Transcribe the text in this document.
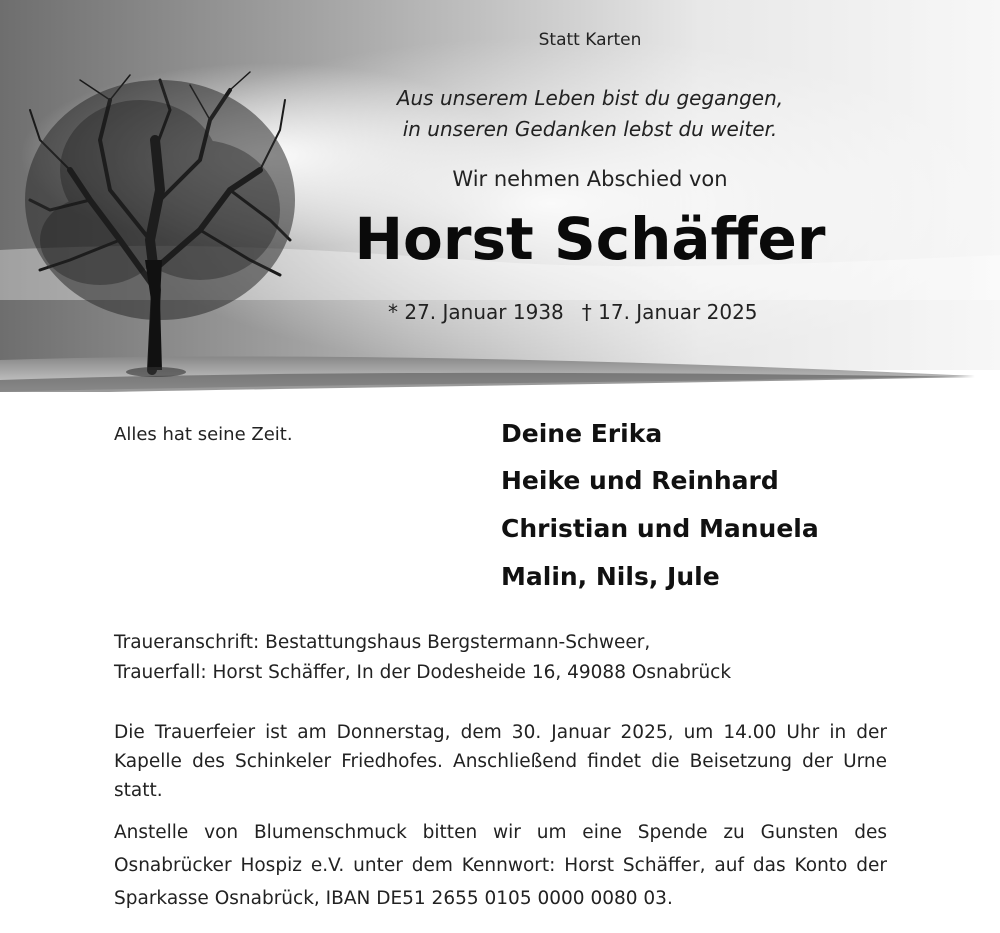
Statt Karten
Aus unserem Leben bist du gegangen,
in unseren Gedanken lebst du weiter.
Wir nehmen Abschied von
Horst Schäffer
* 27. Januar 1938 † 17. Januar 2025
Alles hat seine Zeit.	Deine Erika
Heike und Reinhard
Christian und Manuela
Malin, Nils, Jule
Traueranschrift: Bestattungshaus Bergstermann-Schweer,
Trauerfall: Horst Schäffer, In der Dodesheide 16, 49088 Osnabrück
Die Trauerfeier ist am Donnerstag, dem 30. Januar 2025, um 14.00 Uhr in der Kapelle des Schinkeler Friedhofes. Anschließend findet die Beisetzung der Urne statt.
Anstelle von Blumenschmuck bitten wir um eine Spende zu Gunsten des Osnabrücker Hospiz e.V. unter dem Kennwort: Horst Schäffer, auf das Konto der Sparkasse Osnabrück, IBAN DE51 2655 0105 0000 0080 03.
